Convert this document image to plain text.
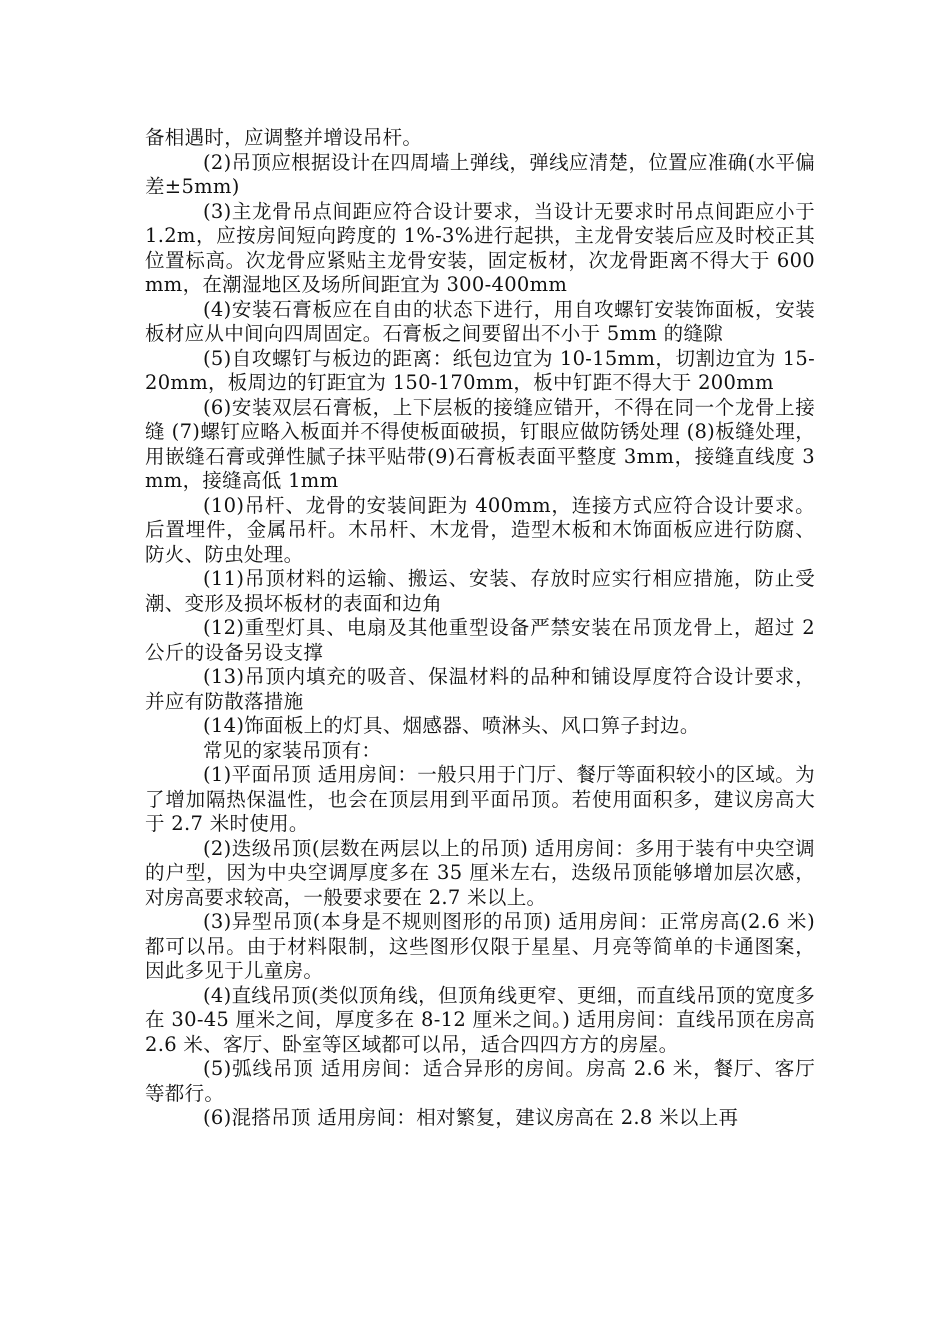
备相遇时，应调整并增设吊杆。

(2)吊顶应根据设计在四周墙上弹线，弹线应清楚，位置应准确(水平偏差±5mm)

(3)主龙骨吊点间距应符合设计要求，当设计无要求时吊点间距应小于 1.2m，应按房间短向跨度的 1%-3%进行起拱，主龙骨安装后应及时校正其位置标高。次龙骨应紧贴主龙骨安装，固定板材，次龙骨距离不得大于 600mm，在潮湿地区及场所间距宜为 300-400mm

(4)安装石膏板应在自由的状态下进行，用自攻螺钉安装饰面板，安装板材应从中间向四周固定。石膏板之间要留出不小于 5mm 的缝隙

(5)自攻螺钉与板边的距离：纸包边宜为 10-15mm，切割边宜为 15-20mm，板周边的钉距宜为 150-170mm，板中钉距不得大于 200mm

(6)安装双层石膏板，上下层板的接缝应错开，不得在同一个龙骨上接缝 (7)螺钉应略入板面并不得使板面破损，钉眼应做防锈处理 (8)板缝处理，用嵌缝石膏或弹性腻子抹平贴带(9)石膏板表面平整度 3mm，接缝直线度 3mm，接缝高低 1mm

(10)吊杆、龙骨的安装间距为 400mm，连接方式应符合设计要求。后置埋件，金属吊杆。木吊杆、木龙骨，造型木板和木饰面板应进行防腐、防火、防虫处理。

(11)吊顶材料的运输、搬运、安装、存放时应实行相应措施，防止受潮、变形及损坏板材的表面和边角

(12)重型灯具、电扇及其他重型设备严禁安装在吊顶龙骨上，超过 2 公斤的设备另设支撑

(13)吊顶内填充的吸音、保温材料的品种和铺设厚度符合设计要求，并应有防散落措施

(14)饰面板上的灯具、烟感器、喷淋头、风口箅子封边。

常见的家装吊顶有：

(1)平面吊顶 适用房间：一般只用于门厅、餐厅等面积较小的区域。为了增加隔热保温性，也会在顶层用到平面吊顶。若使用面积多，建议房高大于 2.7 米时使用。

(2)迭级吊顶(层数在两层以上的吊顶) 适用房间：多用于装有中央空调的户型，因为中央空调厚度多在 35 厘米左右，迭级吊顶能够增加层次感，对房高要求较高，一般要求要在 2.7 米以上。

(3)异型吊顶(本身是不规则图形的吊顶) 适用房间：正常房高(2.6 米)都可以吊。由于材料限制，这些图形仅限于星星、月亮等简单的卡通图案，因此多见于儿童房。

(4)直线吊顶(类似顶角线，但顶角线更窄、更细，而直线吊顶的宽度多在 30-45 厘米之间，厚度多在 8-12 厘米之间。) 适用房间：直线吊顶在房高 2.6 米、客厅、卧室等区域都可以吊，适合四四方方的房屋。

(5)弧线吊顶 适用房间：适合异形的房间。房高 2.6 米，餐厅、客厅等都行。

(6)混搭吊顶 适用房间：相对繁复，建议房高在 2.8 米以上再
